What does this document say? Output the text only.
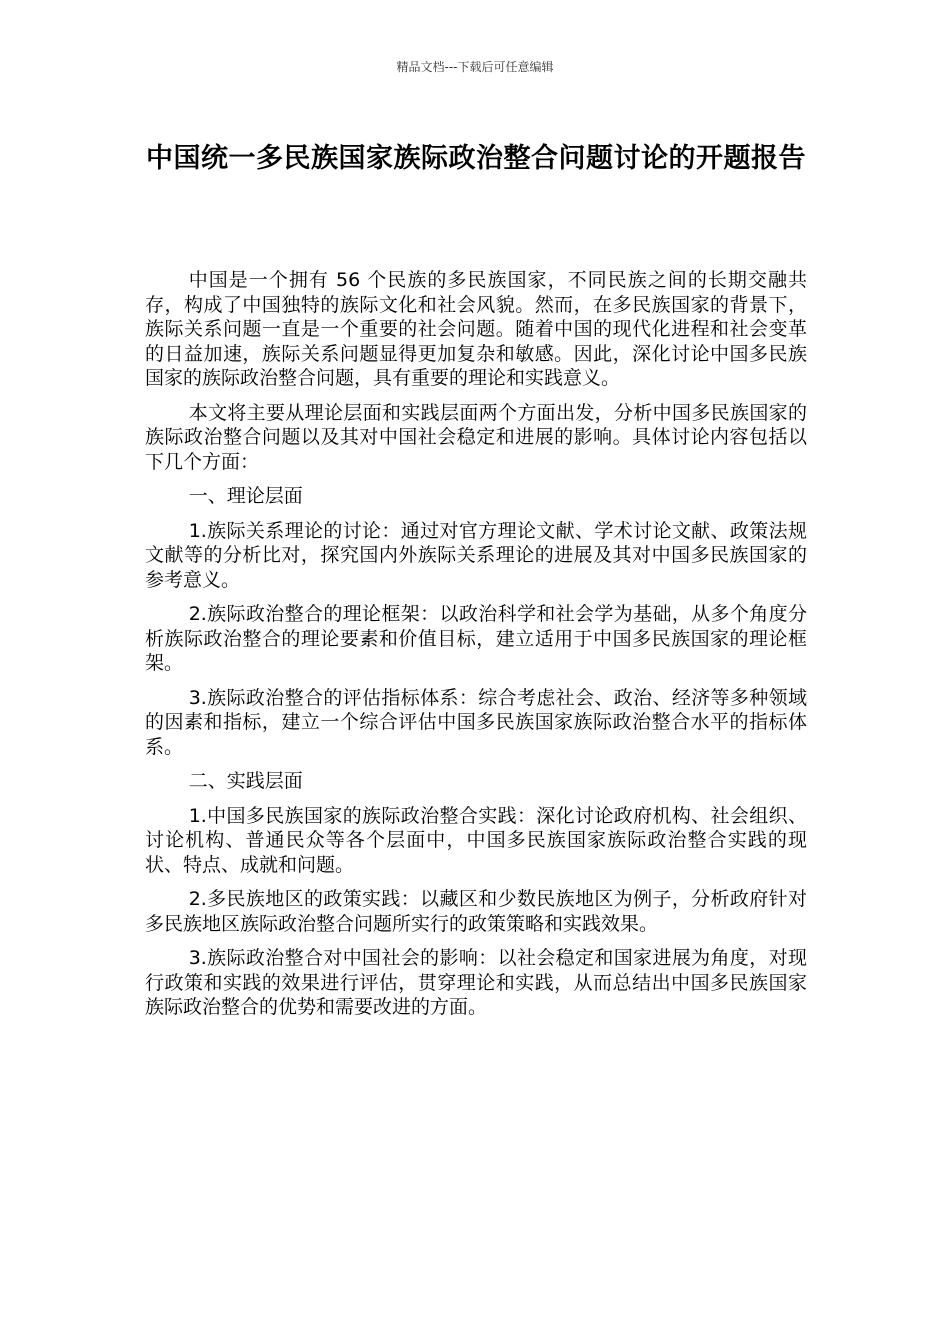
精品文档---下载后可任意编辑
中国统一多民族国家族际政治整合问题讨论的开题报告

中国是一个拥有 56 个民族的多民族国家，不同民族之间的长期交融共存，构成了中国独特的族际文化和社会风貌。然而，在多民族国家的背景下，族际关系问题一直是一个重要的社会问题。随着中国的现代化进程和社会变革的日益加速，族际关系问题显得更加复杂和敏感。因此，深化讨论中国多民族国家的族际政治整合问题，具有重要的理论和实践意义。

本文将主要从理论层面和实践层面两个方面出发，分析中国多民族国家的族际政治整合问题以及其对中国社会稳定和进展的影响。具体讨论内容包括以下几个方面：

一、理论层面

1.族际关系理论的讨论：通过对官方理论文献、学术讨论文献、政策法规文献等的分析比对，探究国内外族际关系理论的进展及其对中国多民族国家的参考意义。

2.族际政治整合的理论框架：以政治科学和社会学为基础，从多个角度分析族际政治整合的理论要素和价值目标，建立适用于中国多民族国家的理论框架。

3.族际政治整合的评估指标体系：综合考虑社会、政治、经济等多种领域的因素和指标，建立一个综合评估中国多民族国家族际政治整合水平的指标体系。

二、实践层面

1.中国多民族国家的族际政治整合实践：深化讨论政府机构、社会组织、讨论机构、普通民众等各个层面中，中国多民族国家族际政治整合实践的现状、特点、成就和问题。

2.多民族地区的政策实践：以藏区和少数民族地区为例子，分析政府针对多民族地区族际政治整合问题所实行的政策策略和实践效果。

3.族际政治整合对中国社会的影响：以社会稳定和国家进展为角度，对现行政策和实践的效果进行评估，贯穿理论和实践，从而总结出中国多民族国家族际政治整合的优势和需要改进的方面。
